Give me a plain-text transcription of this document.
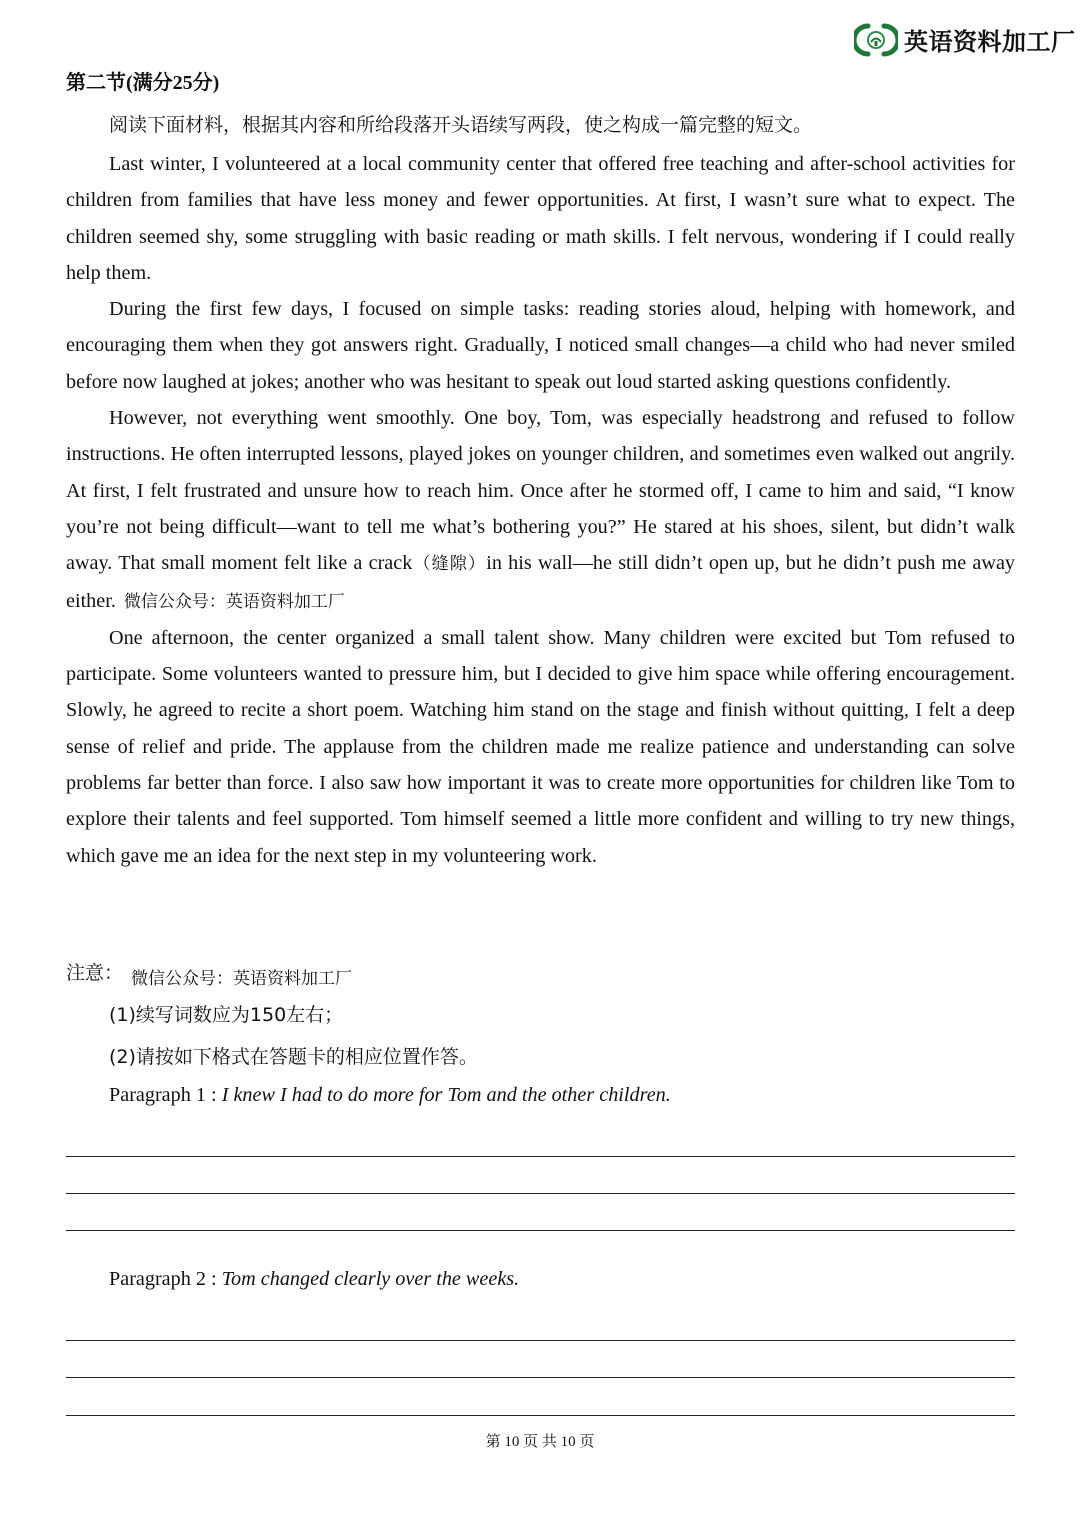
英语资料加工厂
第二节(满分25分)
阅读下面材料，根据其内容和所给段落开头语续写两段，使之构成一篇完整的短文。

Last winter, I volunteered at a local community center that offered free teaching and after-school activities for children from families that have less money and fewer opportunities. At first, I wasn’t sure what to expect. The children seemed shy, some struggling with basic reading or math skills. I felt nervous, wondering if I could really help them.

During the first few days, I focused on simple tasks: reading stories aloud, helping with homework, and encouraging them when they got answers right. Gradually, I noticed small changes—a child who had never smiled before now laughed at jokes; another who was hesitant to speak out loud started asking questions confidently.

However, not everything went smoothly. One boy, Tom, was especially headstrong and refused to follow instructions. He often interrupted lessons, played jokes on younger children, and sometimes even walked out angrily. At first, I felt frustrated and unsure how to reach him. Once after he stormed off, I came to him and said, “I know you’re not being difficult—want to tell me what’s bothering you?” He stared at his shoes, silent, but didn’t walk away. That small moment felt like a crack（缝隙）in his wall—he still didn’t open up, but he didn’t push me away either. 微信公众号：英语资料加工厂

One afternoon, the center organized a small talent show. Many children were excited but Tom refused to participate. Some volunteers wanted to pressure him, but I decided to give him space while offering encouragement. Slowly, he agreed to recite a short poem. Watching him stand on the stage and finish without quitting, I felt a deep sense of relief and pride. The applause from the children made me realize patience and understanding can solve problems far better than force. I also saw how important it was to create more opportunities for children like Tom to explore their talents and feel supported. Tom himself seemed a little more confident and willing to try new things, which gave me an idea for the next step in my volunteering work.

注意： 微信公众号：英语资料加工厂
(1)续写词数应为150左右；
(2)请按如下格式在答题卡的相应位置作答。
Paragraph 1 : I knew I had to do more for Tom and the other children.
Paragraph 2 : Tom changed clearly over the weeks.
第 10 页 共 10 页
